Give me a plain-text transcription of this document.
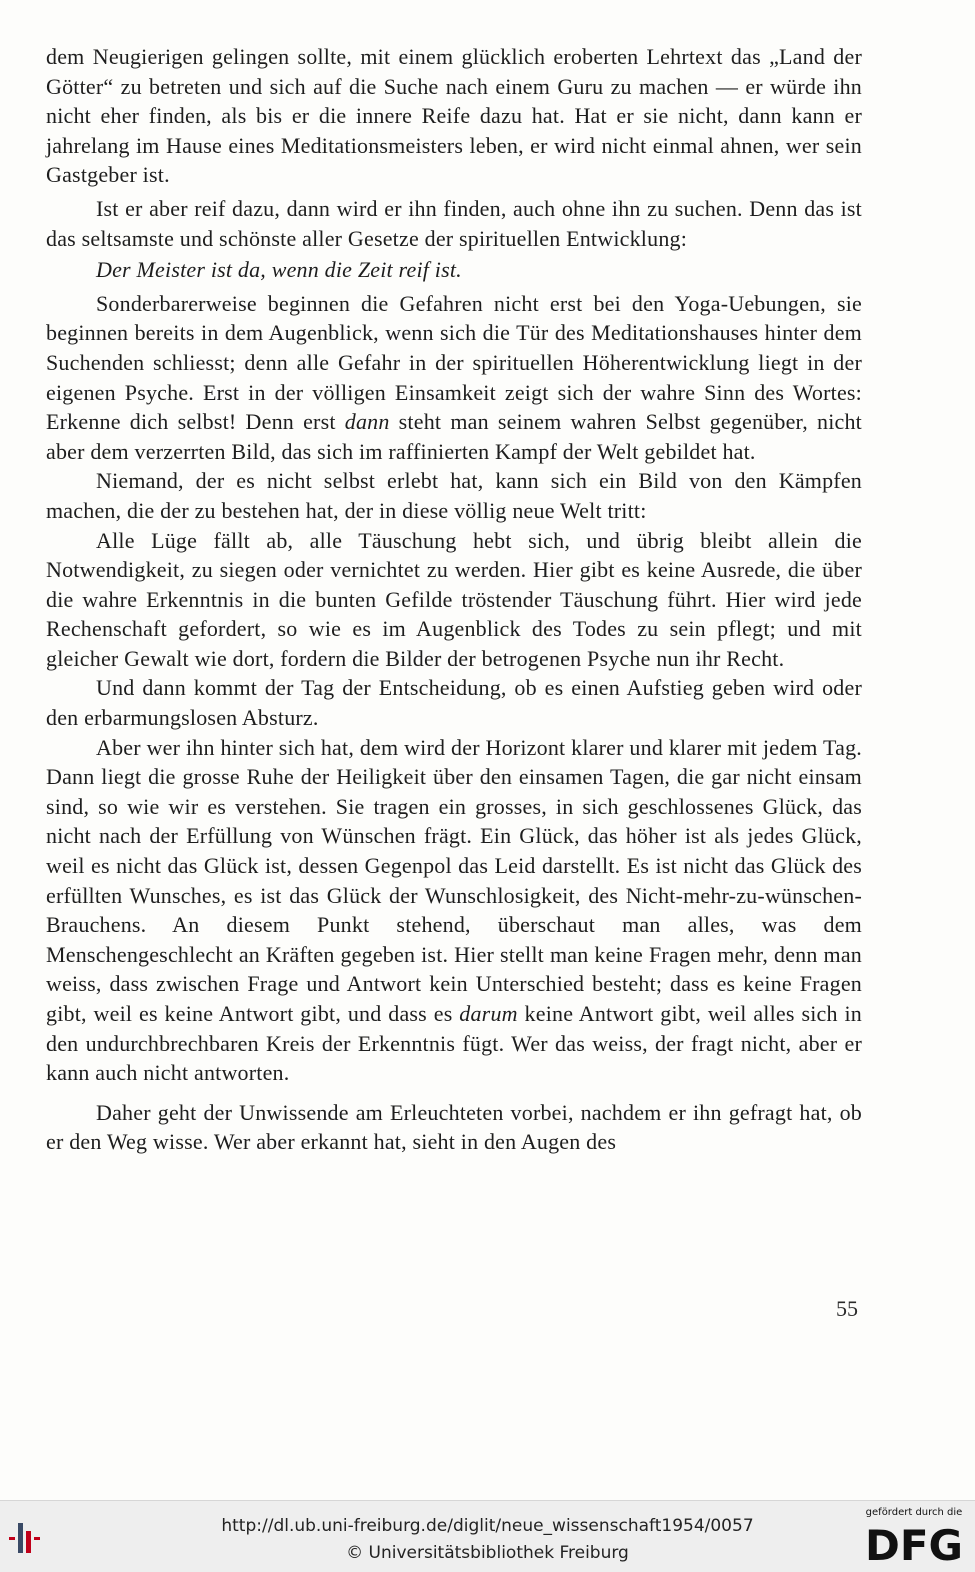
dem Neugierigen gelingen sollte, mit einem glücklich eroberten Lehrtext das „Land der Götter“ zu betreten und sich auf die Suche nach einem Guru zu machen — er würde ihn nicht eher finden, als bis er die innere Reife dazu hat. Hat er sie nicht, dann kann er jahrelang im Hause eines Meditationsmeisters leben, er wird nicht einmal ahnen, wer sein Gastgeber ist.

Ist er aber reif dazu, dann wird er ihn finden, auch ohne ihn zu suchen. Denn das ist das seltsamste und schönste aller Gesetze der spirituellen Entwicklung:

Der Meister ist da, wenn die Zeit reif ist.

Sonderbarerweise beginnen die Gefahren nicht erst bei den Yoga-Uebungen, sie beginnen bereits in dem Augenblick, wenn sich die Tür des Meditationshauses hinter dem Suchenden schliesst; denn alle Gefahr in der spirituellen Höherentwicklung liegt in der eigenen Psyche. Erst in der völligen Einsamkeit zeigt sich der wahre Sinn des Wortes: Erkenne dich selbst! Denn erst dann steht man seinem wahren Selbst gegenüber, nicht aber dem verzerrten Bild, das sich im raffinierten Kampf der Welt gebildet hat.

Niemand, der es nicht selbst erlebt hat, kann sich ein Bild von den Kämpfen machen, die der zu bestehen hat, der in diese völlig neue Welt tritt:

Alle Lüge fällt ab, alle Täuschung hebt sich, und übrig bleibt allein die Notwendigkeit, zu siegen oder vernichtet zu werden. Hier gibt es keine Ausrede, die über die wahre Erkenntnis in die bunten Gefilde tröstender Täuschung führt. Hier wird jede Rechenschaft gefordert, so wie es im Augenblick des Todes zu sein pflegt; und mit gleicher Gewalt wie dort, fordern die Bilder der betrogenen Psyche nun ihr Recht.

Und dann kommt der Tag der Entscheidung, ob es einen Aufstieg geben wird oder den erbarmungslosen Absturz.

Aber wer ihn hinter sich hat, dem wird der Horizont klarer und klarer mit jedem Tag. Dann liegt die grosse Ruhe der Heiligkeit über den einsamen Tagen, die gar nicht einsam sind, so wie wir es verstehen. Sie tragen ein grosses, in sich geschlossenes Glück, das nicht nach der Erfüllung von Wünschen frägt. Ein Glück, das höher ist als jedes Glück, weil es nicht das Glück ist, dessen Gegenpol das Leid darstellt. Es ist nicht das Glück des erfüllten Wunsches, es ist das Glück der Wunschlosigkeit, des Nicht-mehr-zu-wünschen-Brauchens. An diesem Punkt stehend, überschaut man alles, was dem Menschengeschlecht an Kräften gegeben ist. Hier stellt man keine Fragen mehr, denn man weiss, dass zwischen Frage und Antwort kein Unterschied besteht; dass es keine Fragen gibt, weil es keine Antwort gibt, und dass es darum keine Antwort gibt, weil alles sich in den undurchbrechbaren Kreis der Erkenntnis fügt. Wer das weiss, der fragt nicht, aber er kann auch nicht antworten.

Daher geht der Unwissende am Erleuchteten vorbei, nachdem er ihn gefragt hat, ob er den Weg wisse. Wer aber erkannt hat, sieht in den Augen des

55
http://dl.ub.uni-freiburg.de/diglit/neue_wissenschaft1954/0057
© Universitätsbibliothek Freiburg
gefördert durch die
DFG
